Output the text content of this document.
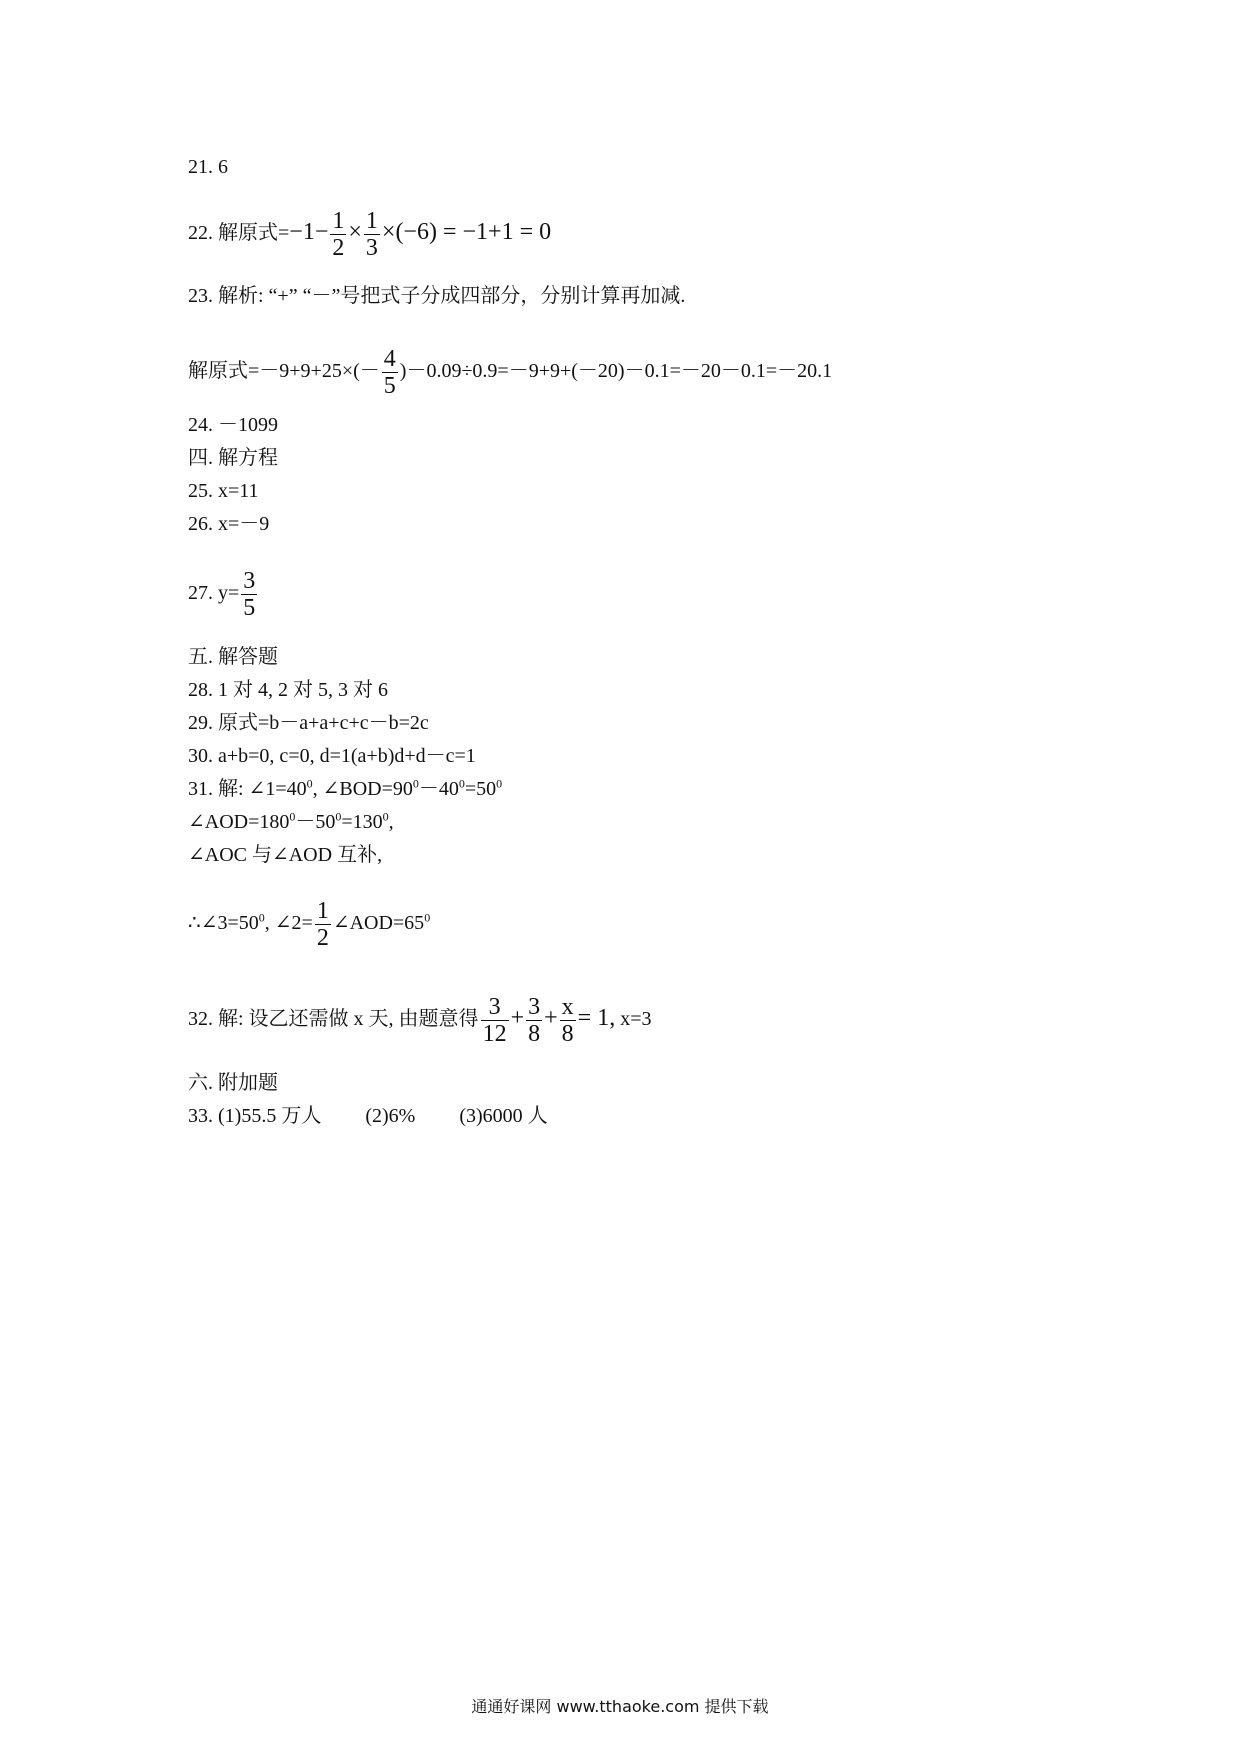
21. 6
22. 解原式$=-1- \frac{1}{2} \times \frac{1}{3} \times(-6) = -1+1 = 0$
23. 解析: “+” “－”号把式子分成四部分，分别计算再加减.
解原式$=-9+9+25\times(- \frac{4}{5} )-0.09\div 0.9=-9+9+(-20)-0.1=-20-0.1=-20.1$
24. －1099
四. 解方程
25. x=11
26. x=－9
27. $y= \frac{3}{5}$
五. 解答题
28. 1 对 4, 2 对 5, 3 对 6
29. 原式=b－a+a+c+c－b=2c
30. a+b=0, c=0, d=1(a+b)d+d－c=1
31. 解: $\angle 1=40^0$, $\angle BOD=90^0-40^0=50^0$
$\angle AOD=180^0-50^0=130^0$,
∠AOC 与∠AOD 互补,
$\therefore\angle 3=50^0$, ∠2= $\frac{1}{2}$ $\angle AOD=65^0$
32. 解: 设乙还需做 x 天, 由题意得 $\frac{3}{12} + \frac{3}{8} + \frac{x}{8} = 1$, x=3
六. 附加题
33. (1)55.5 万人 (2)6% (3)6000 人
通通好课网 www.tthaoke.com 提供下载
